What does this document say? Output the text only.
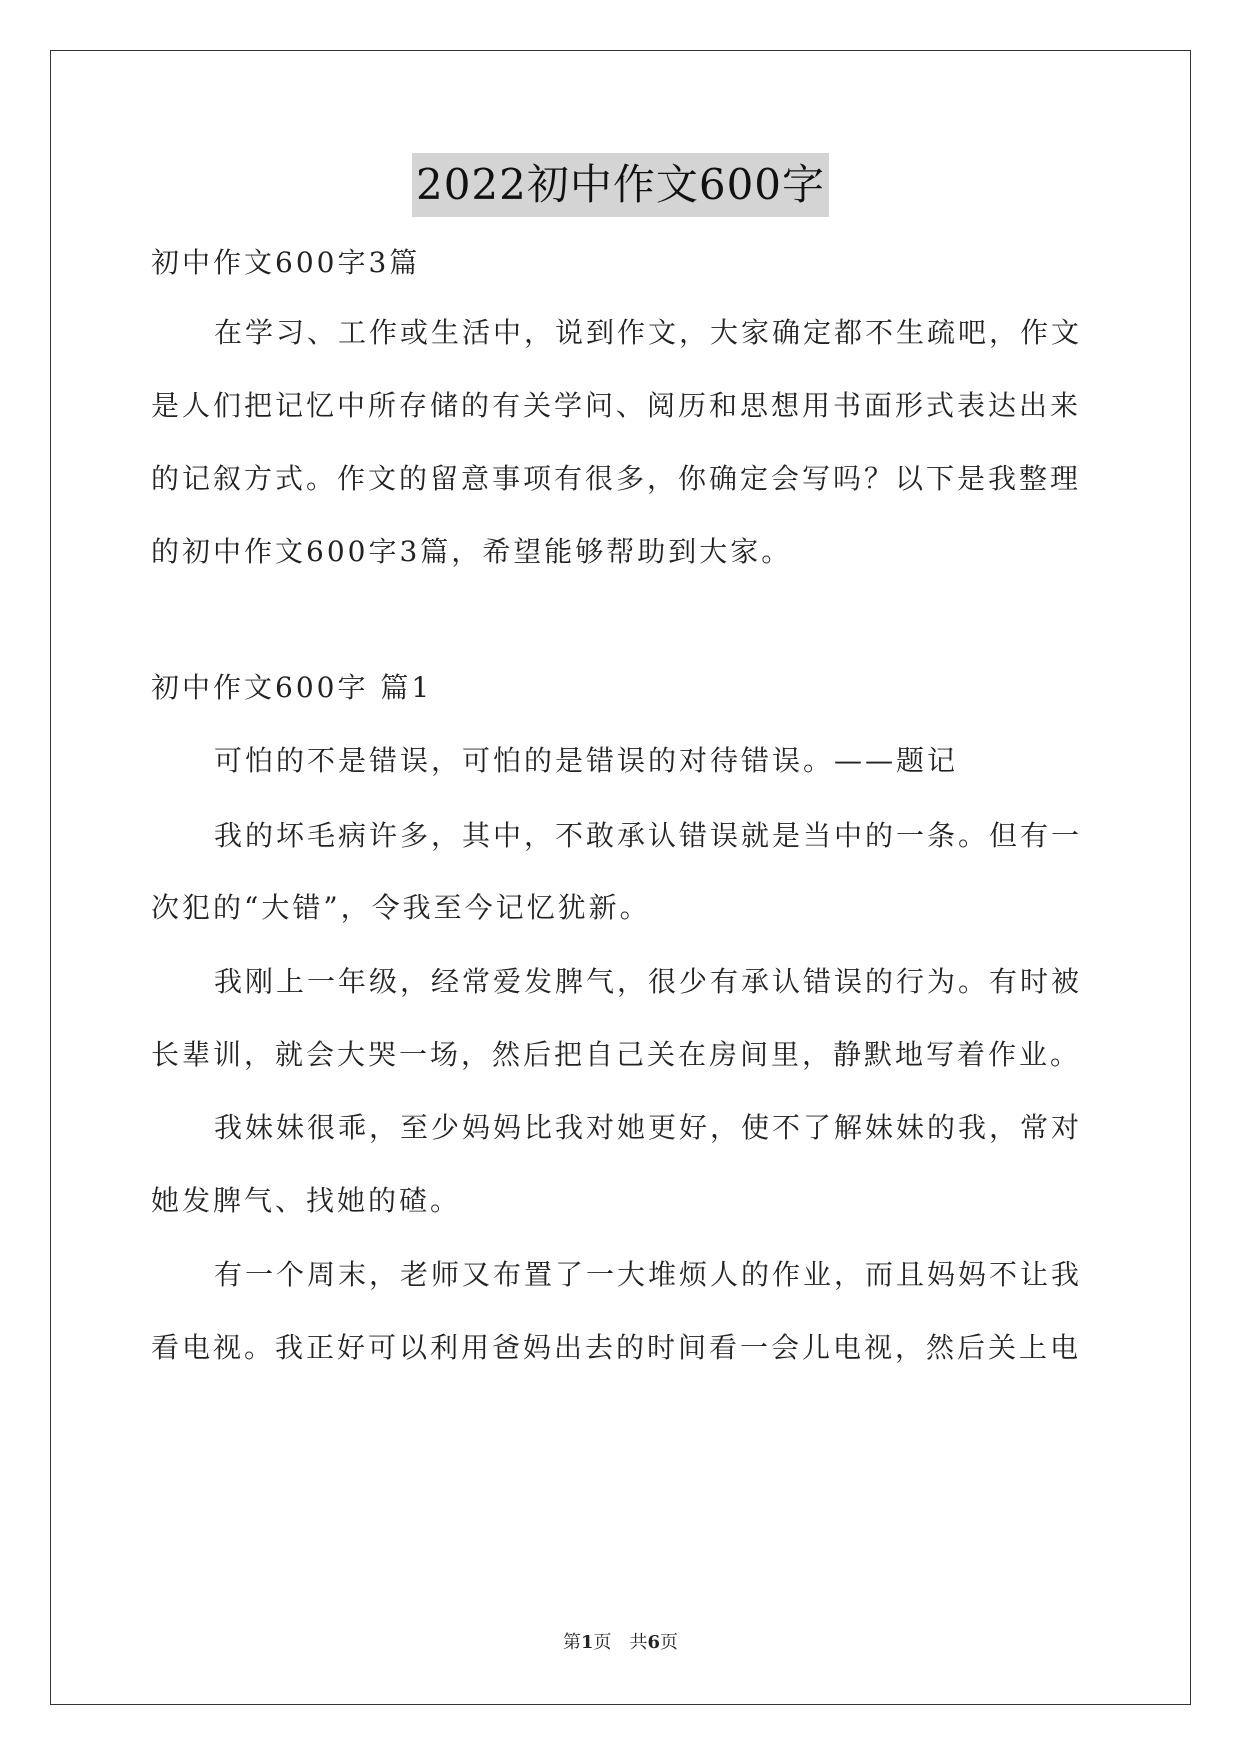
2022初中作文600字
初中作文600字3篇
在学习、工作或生活中，说到作文，大家确定都不生疏吧，作文
是人们把记忆中所存储的有关学问、阅历和思想用书面形式表达出来
的记叙方式。作文的留意事项有很多，你确定会写吗？以下是我整理
的初中作文600字3篇，希望能够帮助到大家。
初中作文600字 篇1
可怕的不是错误，可怕的是错误的对待错误。——题记
我的坏毛病许多，其中，不敢承认错误就是当中的一条。但有一
次犯的“大错”，令我至今记忆犹新。
我刚上一年级，经常爱发脾气，很少有承认错误的行为。有时被
长辈训，就会大哭一场，然后把自己关在房间里，静默地写着作业。
我妹妹很乖，至少妈妈比我对她更好，使不了解妹妹的我，常对
她发脾气、找她的碴。
有一个周末，老师又布置了一大堆烦人的作业，而且妈妈不让我
看电视。我正好可以利用爸妈出去的时间看一会儿电视，然后关上电
第1页　共6页
